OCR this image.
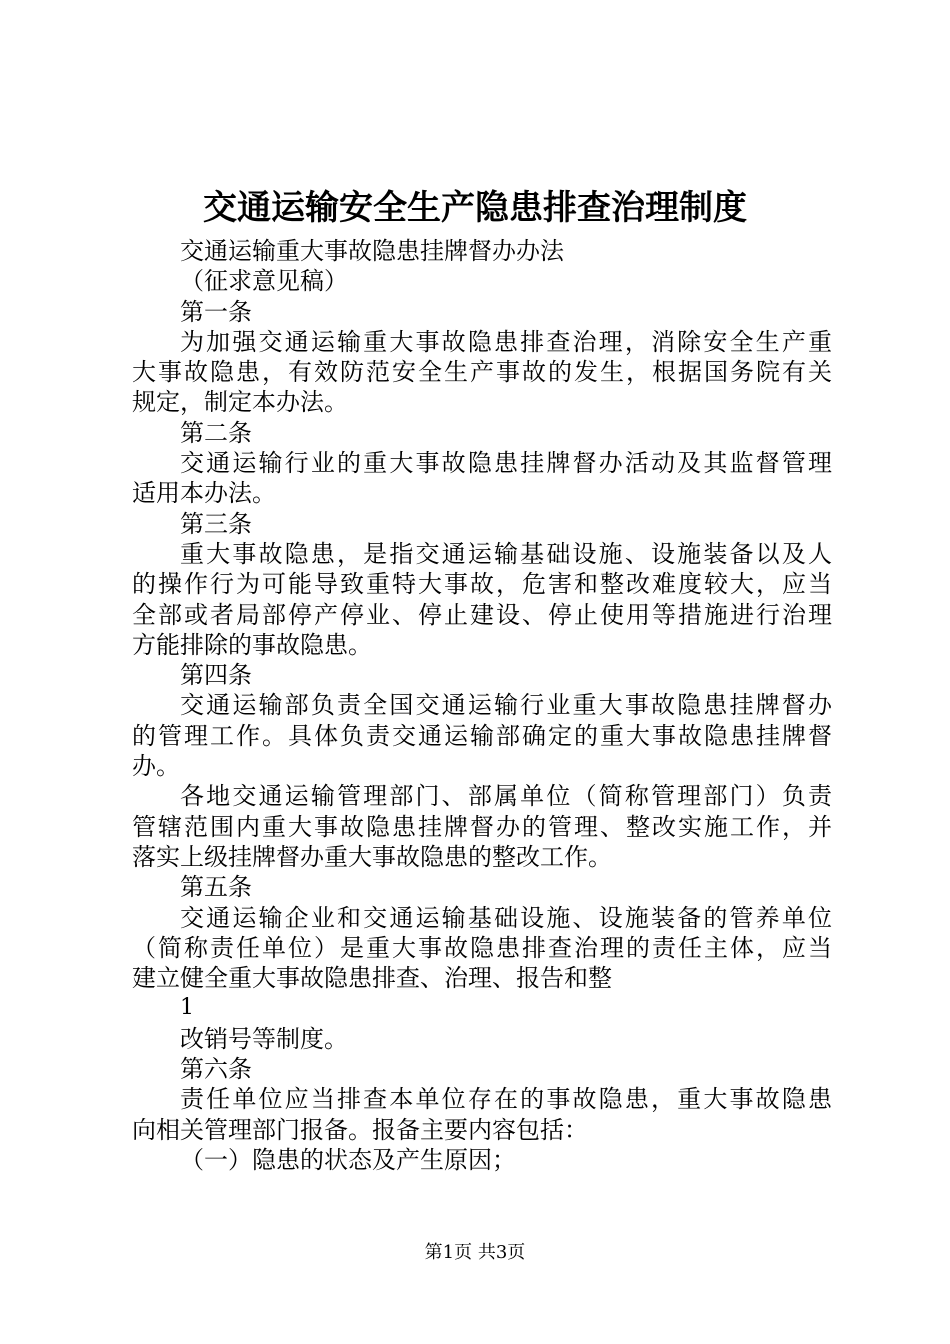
交通运输安全生产隐患排查治理制度
交通运输重大事故隐患挂牌督办办法
（征求意见稿）
第一条
为加强交通运输重大事故隐患排查治理，消除安全生产重
大事故隐患，有效防范安全生产事故的发生，根据国务院有关
规定，制定本办法。
第二条
交通运输行业的重大事故隐患挂牌督办活动及其监督管理
适用本办法。
第三条
重大事故隐患，是指交通运输基础设施、设施装备以及人
的操作行为可能导致重特大事故，危害和整改难度较大，应当
全部或者局部停产停业、停止建设、停止使用等措施进行治理
方能排除的事故隐患。
第四条
交通运输部负责全国交通运输行业重大事故隐患挂牌督办
的管理工作。具体负责交通运输部确定的重大事故隐患挂牌督
办。
各地交通运输管理部门、部属单位（简称管理部门）负责
管辖范围内重大事故隐患挂牌督办的管理、整改实施工作，并
落实上级挂牌督办重大事故隐患的整改工作。
第五条
交通运输企业和交通运输基础设施、设施装备的管养单位
（简称责任单位）是重大事故隐患排查治理的责任主体，应当
建立健全重大事故隐患排查、治理、报告和整
1
改销号等制度。
第六条
责任单位应当排查本单位存在的事故隐患，重大事故隐患
向相关管理部门报备。报备主要内容包括：
（一）隐患的状态及产生原因；
第1页 共3页
